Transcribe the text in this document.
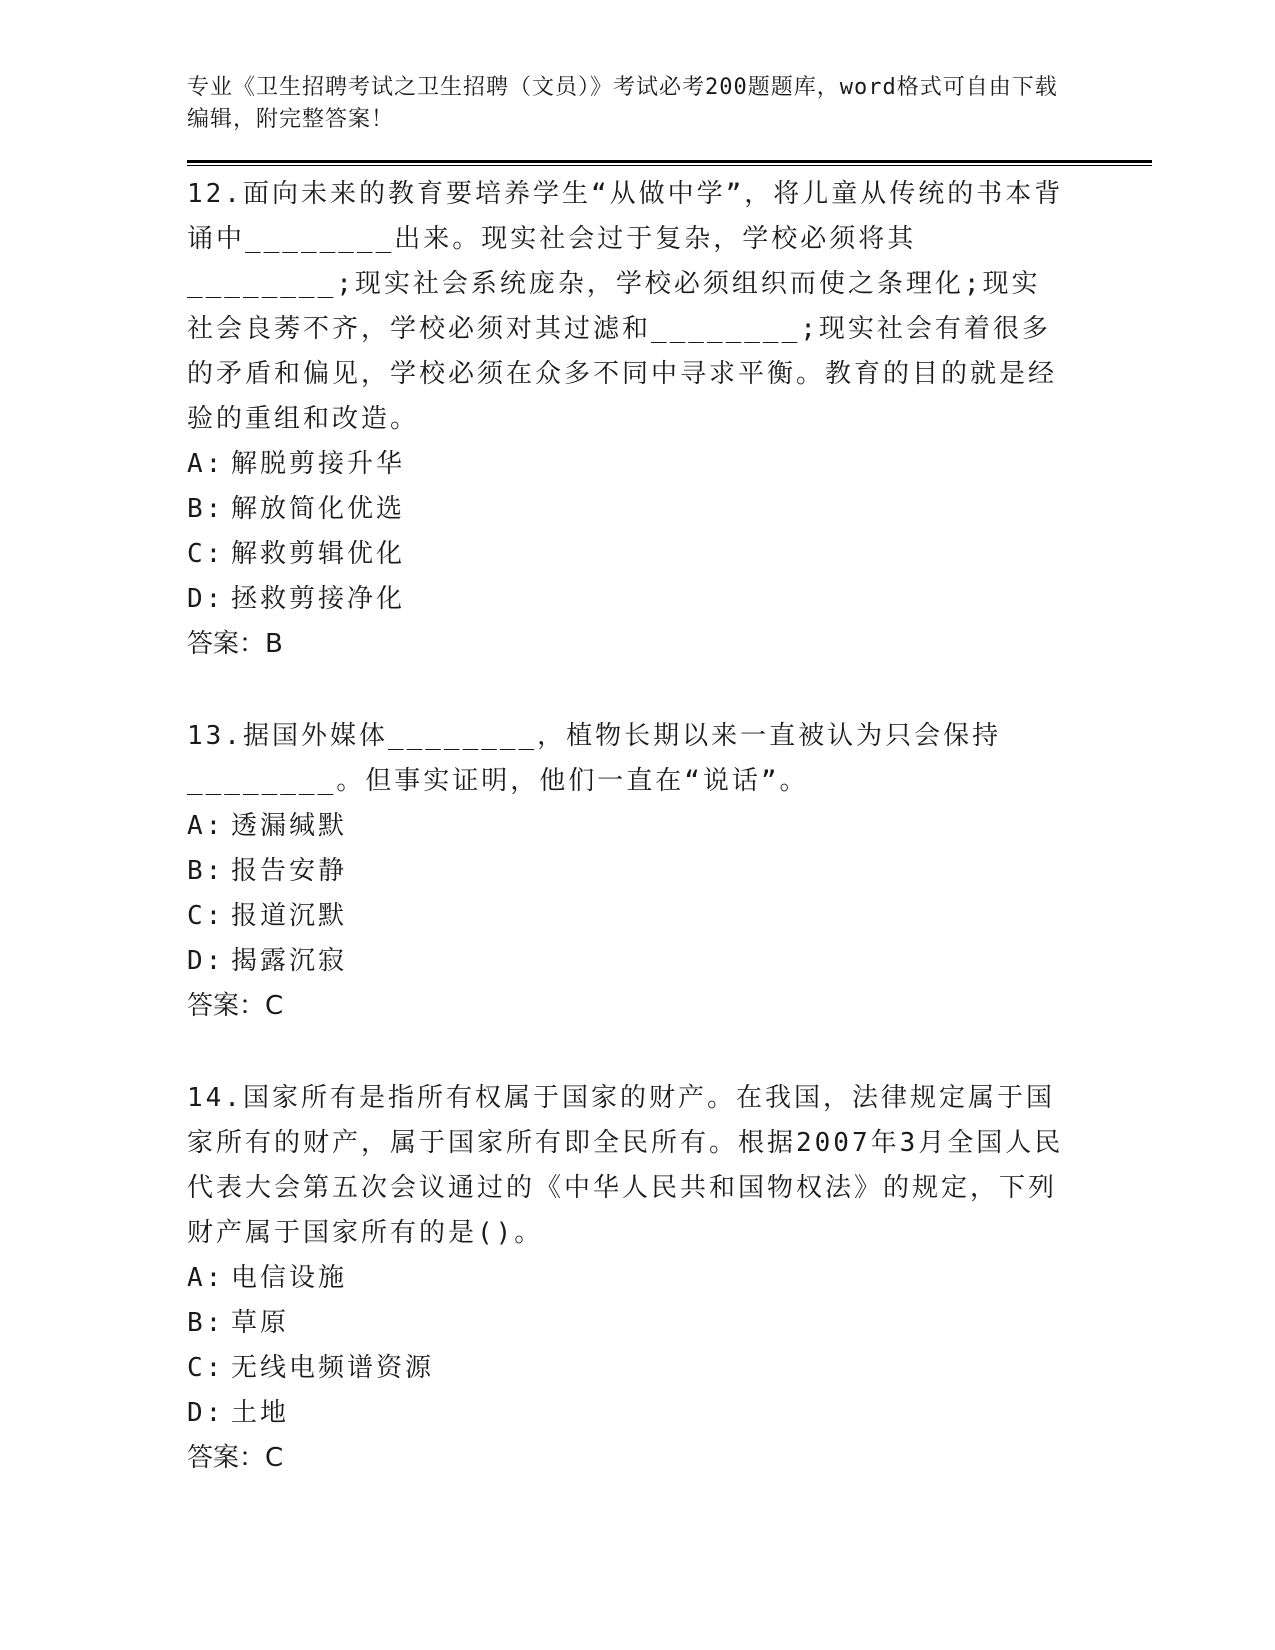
专业《卫生招聘考试之卫生招聘（文员）》考试必考200题题库，word格式可自由下载编辑，附完整答案！

12.面向未来的教育要培养学生“从做中学”，将儿童从传统的书本背诵中________出来。现实社会过于复杂，学校必须将其________;现实社会系统庞杂，学校必须组织而使之条理化;现实社会良莠不齐，学校必须对其过滤和________;现实社会有着很多的矛盾和偏见，学校必须在众多不同中寻求平衡。教育的目的就是经验的重组和改造。

A: 解脱剪接升华

B: 解放简化优选

C: 解救剪辑优化

D: 拯救剪接净化

答案：B

13.据国外媒体________，植物长期以来一直被认为只会保持________。但事实证明，他们一直在“说话”。

A: 透漏缄默

B: 报告安静

C: 报道沉默

D: 揭露沉寂

答案：C

14.国家所有是指所有权属于国家的财产。在我国，法律规定属于国家所有的财产，属于国家所有即全民所有。根据2007年3月全国人民代表大会第五次会议通过的《中华人民共和国物权法》的规定，下列财产属于国家所有的是()。

A: 电信设施

B: 草原

C: 无线电频谱资源

D: 土地

答案：C
